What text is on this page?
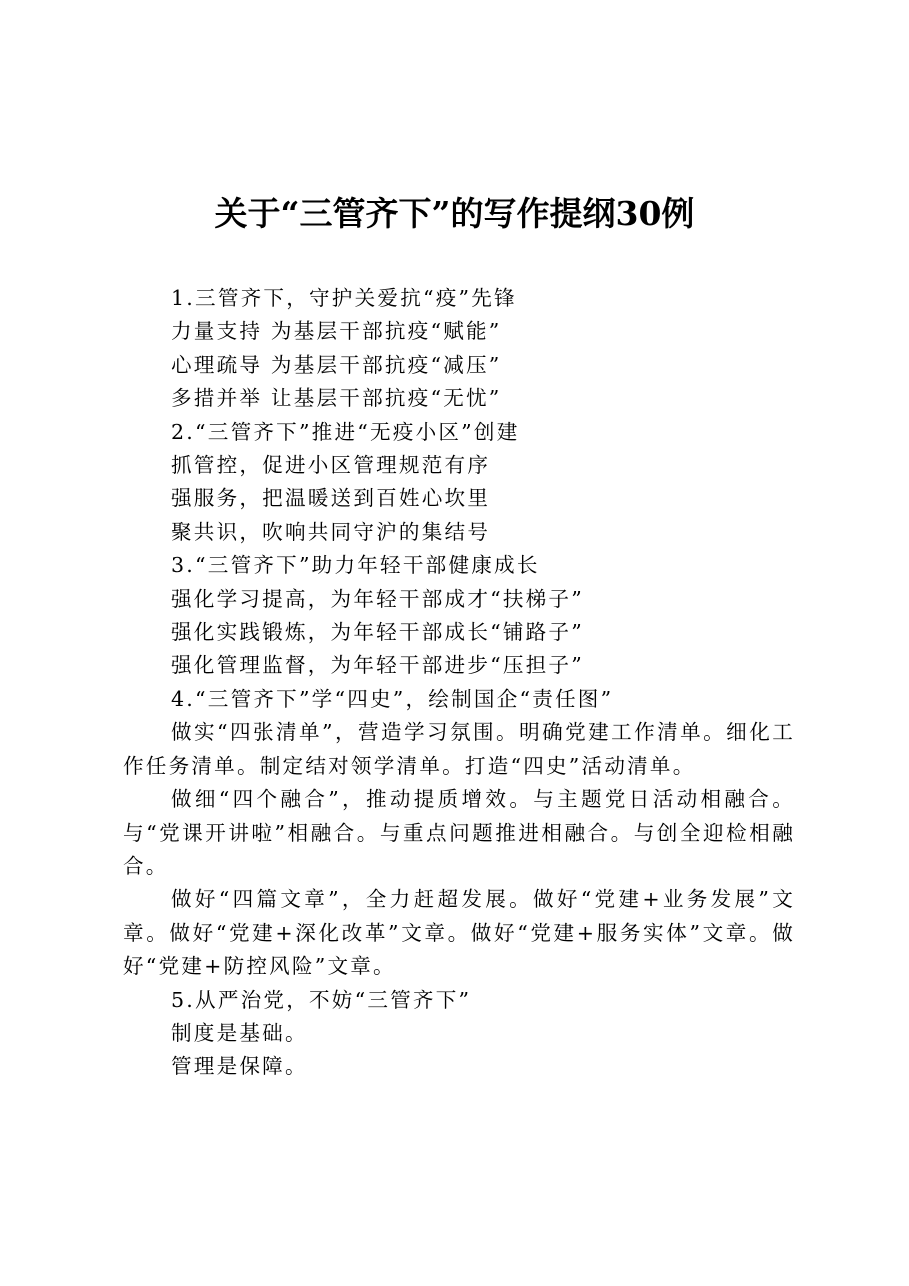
关于“三管齐下”的写作提纲30例
1.三管齐下，守护关爱抗“疫”先锋
力量支持 为基层干部抗疫“赋能”
心理疏导 为基层干部抗疫“减压”
多措并举 让基层干部抗疫“无忧”
2.“三管齐下”推进“无疫小区”创建
抓管控，促进小区管理规范有序
强服务，把温暖送到百姓心坎里
聚共识，吹响共同守沪的集结号
3.“三管齐下”助力年轻干部健康成长
强化学习提高，为年轻干部成才“扶梯子”
强化实践锻炼，为年轻干部成长“铺路子”
强化管理监督，为年轻干部进步“压担子”
4.“三管齐下”学“四史”，绘制国企“责任图”
做实“四张清单”，营造学习氛围。明确党建工作清单。细化工作任务清单。制定结对领学清单。打造“四史”活动清单。
做细“四个融合”，推动提质增效。与主题党日活动相融合。与“党课开讲啦”相融合。与重点问题推进相融合。与创全迎检相融合。
做好“四篇文章”，全力赶超发展。做好“党建+业务发展”文章。做好“党建+深化改革”文章。做好“党建+服务实体”文章。做好“党建+防控风险”文章。
5.从严治党，不妨“三管齐下”
制度是基础。
管理是保障。
